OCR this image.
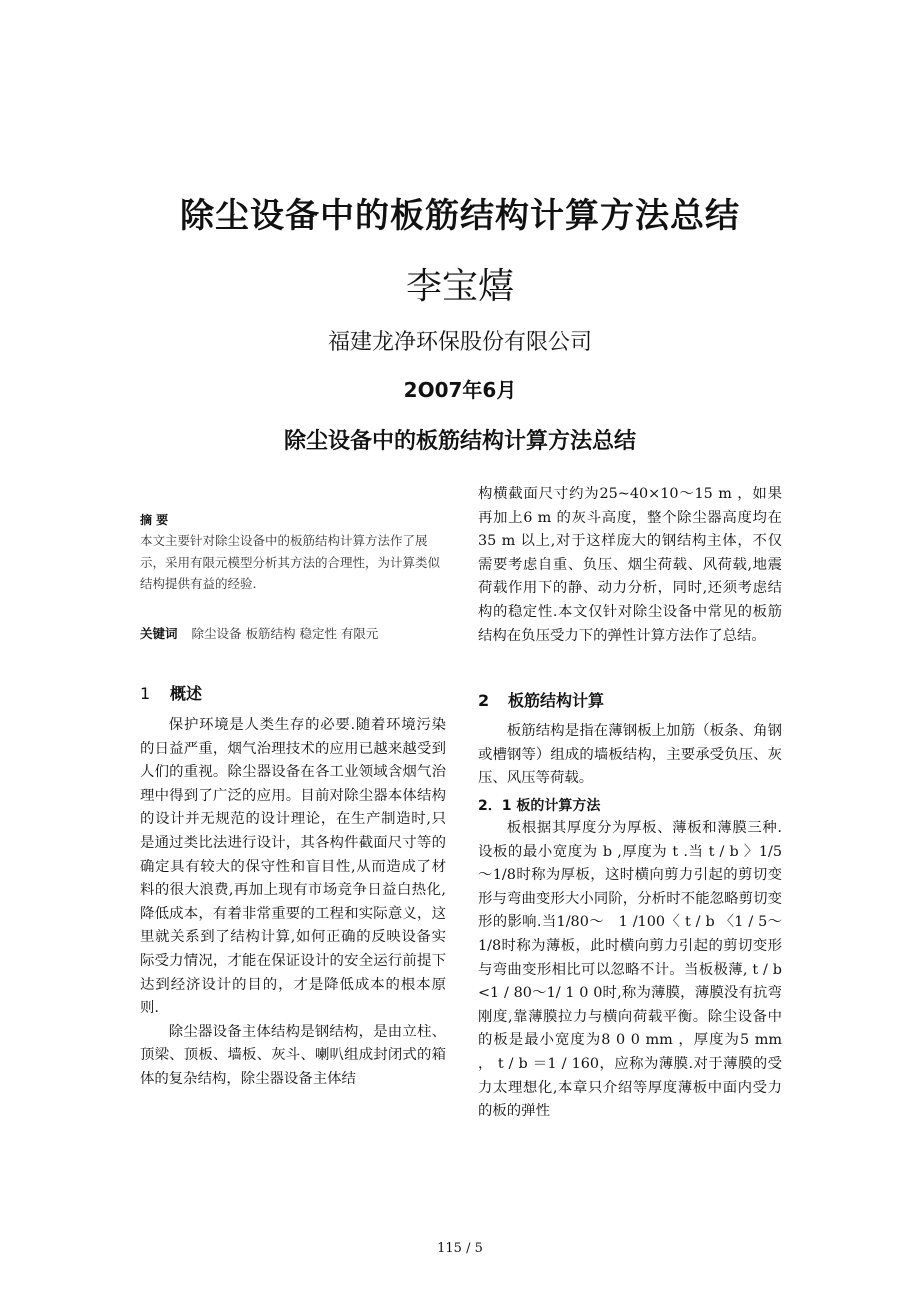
除尘设备中的板筋结构计算方法总结
李宝熺
福建龙净环保股份有限公司
2O07年6月
除尘设备中的板筋结构计算方法总结
摘 要
本文主要针对除尘设备中的板筋结构计算方法作了展示，采用有限元模型分析其方法的合理性，为计算类似结构提供有益的经验.
关键词 除尘设备 板筋结构 稳定性 有限元
1 概述

保护环境是人类生存的必要.随着环境污染的日益严重，烟气治理技术的应用已越来越受到人们的重视。除尘器设备在各工业领域含烟气治理中得到了广泛的应用。目前对除尘器本体结构的设计并无规范的设计理论，在生产制造时,只是通过类比法进行设计，其各构件截面尺寸等的确定具有较大的保守性和盲目性,从而造成了材料的很大浪费,再加上现有市场竞争日益白热化,降低成本，有着非常重要的工程和实际意义，这里就关系到了结构计算,如何正确的反映设备实际受力情况，才能在保证设计的安全运行前提下达到经济设计的目的，才是降低成本的根本原则.

除尘器设备主体结构是钢结构，是由立柱、顶梁、顶板、墙板、灰斗、喇叭组成封闭式的箱体的复杂结构，除尘器设备主体结

构横截面尺寸约为25~40×10～15 m ，如果再加上6 m 的灰斗高度，整个除尘器高度均在35 m 以上,对于这样庞大的钢结构主体，不仅需要考虑自重、负压、烟尘荷载、风荷载,地震荷载作用下的静、动力分析，同时,还须考虑结构的稳定性.本文仅针对除尘设备中常见的板筋结构在负压受力下的弹性计算方法作了总结。
2 板筋结构计算
板筋结构是指在薄钢板上加筋（板条、角钢或槽钢等）组成的墙板结构，主要承受负压、灰压、风压等荷载。
2．1 板的计算方法
板根据其厚度分为厚板、薄板和薄膜三种.设板的最小宽度为 b ,厚度为 t .当 t / b 〉1/5～1/8时称为厚板，这时横向剪力引起的剪切变形与弯曲变形大小同阶，分析时不能忽略剪切变形的影响.当1/80～　1 /100〈 t / b 〈1 / 5～1/8时称为薄板，此时横向剪力引起的剪切变形与弯曲变形相比可以忽略不计。当板极薄, t / b <1 / 80～1/ 1 0 0时,称为薄膜，薄膜没有抗弯刚度,靠薄膜拉力与横向荷载平衡。除尘设备中的板是最小宽度为8 0 0 mm ，厚度为5 mm ， t / b ＝1 / 160，应称为薄膜.对于薄膜的受力太理想化,本章只介绍等厚度薄板中面内受力的板的弹性
115 / 5
